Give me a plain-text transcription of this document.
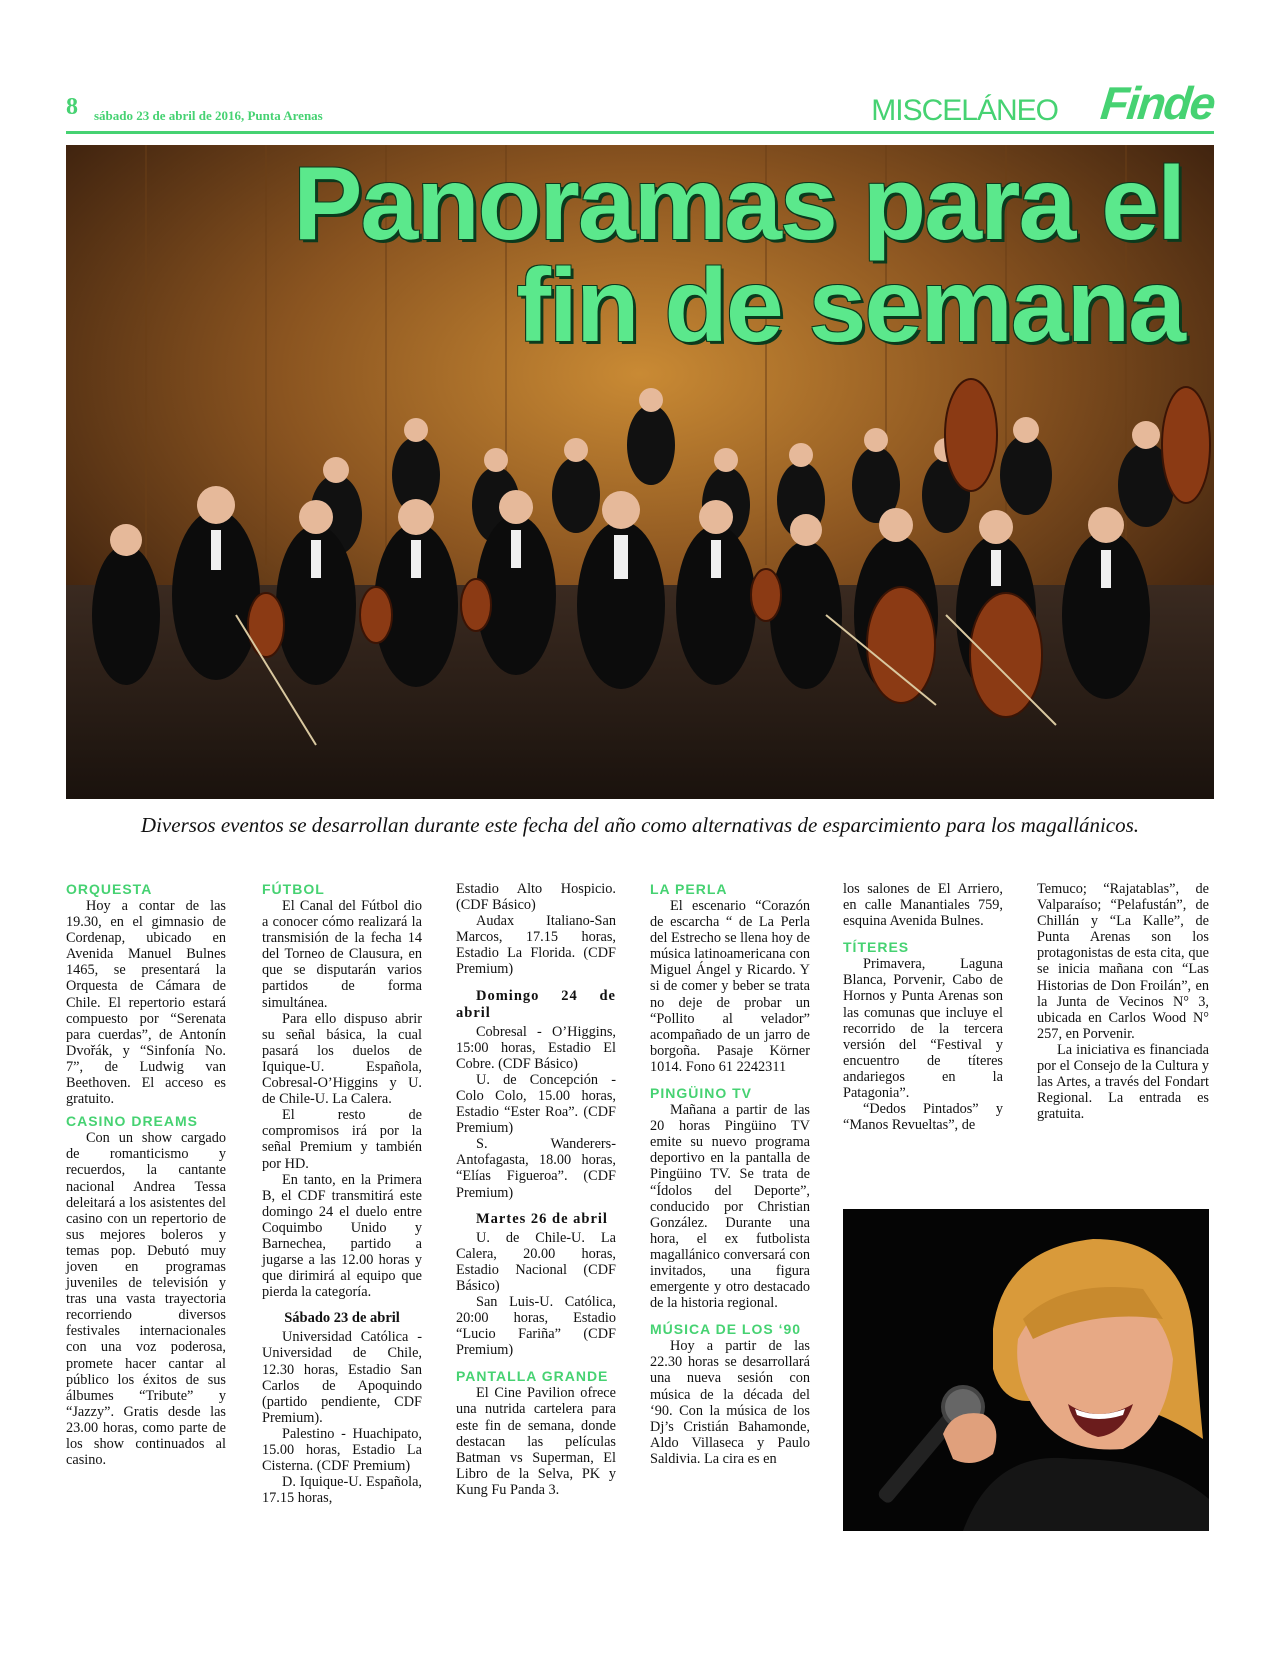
8 sábado 23 de abril de 2016, Punta Arenas	MISCELÁNEO Finde
Panoramas para el
fin de semana
Diversos eventos se desarrollan durante este fecha del año como alternativas de esparcimiento para los magallánicos.
ORQUESTA

Hoy a contar de las 19.30, en el gimnasio de Cordenap, ubicado en Avenida Manuel Bulnes 1465, se presentará la Orquesta de Cámara de Chile. El repertorio estará compuesto por “Serenata para cuerdas”, de Antonín Dvořák, y “Sinfonía No. 7”, de Ludwig van Beethoven. El acceso es gratuito.

CASINO DREAMS

Con un show cargado de romanticismo y recuerdos, la cantante nacional Andrea Tessa deleitará a los asistentes del casino con un repertorio de sus mejores boleros y temas pop. Debutó muy joven en programas juveniles de televisión y tras una vasta trayectoria recorriendo diversos festivales internacionales con una voz poderosa, promete hacer cantar al público los éxitos de sus álbumes “Tribute” y “Jazzy”. Gratis desde las 23.00 horas, como parte de los show continuados al casino.

FÚTBOL

El Canal del Fútbol dio a conocer cómo realizará la transmisión de la fecha 14 del Torneo de Clausura, en que se disputarán varios partidos de forma simultánea.

Para ello dispuso abrir su señal básica, la cual pasará los duelos de Iquique-U. Española, Cobresal-O’Higgins y U. de Chile-U. La Calera.

El resto de compromisos irá por la señal Premium y también por HD.

En tanto, en la Primera B, el CDF transmitirá este domingo 24 el duelo entre Coquimbo Unido y Barnechea, partido a jugarse a las 12.00 horas y que dirimirá al equipo que pierda la categoría.

Sábado 23 de abril

Universidad Católica - Universidad de Chile, 12.30 horas, Estadio San Carlos de Apoquindo (partido pendiente, CDF Premium).

Palestino - Huachipato, 15.00 horas, Estadio La Cisterna. (CDF Premium)

D. Iquique-U. Española, 17.15 horas,

Estadio Alto Hospicio. (CDF Básico)

Audax Italiano-San Marcos, 17.15 horas, Estadio La Florida. (CDF Premium)

Domingo 24 de abril

Cobresal - O’Higgins, 15:00 horas, Estadio El Cobre. (CDF Básico)

U. de Concepción - Colo Colo, 15.00 horas, Estadio “Ester Roa”. (CDF Premium)

S. Wanderers-Antofagasta, 18.00 horas, “Elías Figueroa”. (CDF Premium)

Martes 26 de abril

U. de Chile-U. La Calera, 20.00 horas, Estadio Nacional (CDF Básico)

San Luis-U. Católica, 20:00 horas, Estadio “Lucio Fariña” (CDF Premium)

PANTALLA GRANDE

El Cine Pavilion ofrece una nutrida cartelera para este fin de semana, donde destacan las películas Batman vs Superman, El Libro de la Selva, PK y Kung Fu Panda 3.

LA PERLA

El escenario “Corazón de escarcha “ de La Perla del Estrecho se llena hoy de música latinoamericana con Miguel Ángel y Ricardo. Y si de comer y beber se trata no deje de probar un “Pollito al velador” acompañado de un jarro de borgoña. Pasaje Körner 1014. Fono 61 2242311

PINGÜINO TV

Mañana a partir de las 20 horas Pingüino TV emite su nuevo programa deportivo en la pantalla de Pingüino TV. Se trata de “Ídolos del Deporte”, conducido por Christian González. Durante una hora, el ex futbolista magallánico conversará con invitados, una figura emergente y otro destacado de la historia regional.

MÚSICA DE LOS ‘90

Hoy a partir de las 22.30 horas se desarrollará una nueva sesión con música de la década del ‘90. Con la música de los Dj’s Cristián Bahamonde, Aldo Villaseca y Paulo Saldivia. La cira es en

los salones de El Arriero, en calle Manantiales 759, esquina Avenida Bulnes.

TÍTERES

Primavera, Laguna Blanca, Porvenir, Cabo de Hornos y Punta Arenas son las comunas que incluye el recorrido de la tercera versión del “Festival y encuentro de títeres andariegos en la Patagonia”.

“Dedos Pintados” y “Manos Revueltas”, de

Temuco; “Rajatablas”, de Valparaíso; “Pelafustán”, de Chillán y “La Kalle”, de Punta Arenas son los protagonistas de esta cita, que se inicia mañana con “Las Historias de Don Froilán”, en la Junta de Vecinos N° 3, ubicada en Carlos Wood N° 257, en Porvenir.

La iniciativa es financiada por el Consejo de la Cultura y las Artes, a través del Fondart Regional. La entrada es gratuita.
